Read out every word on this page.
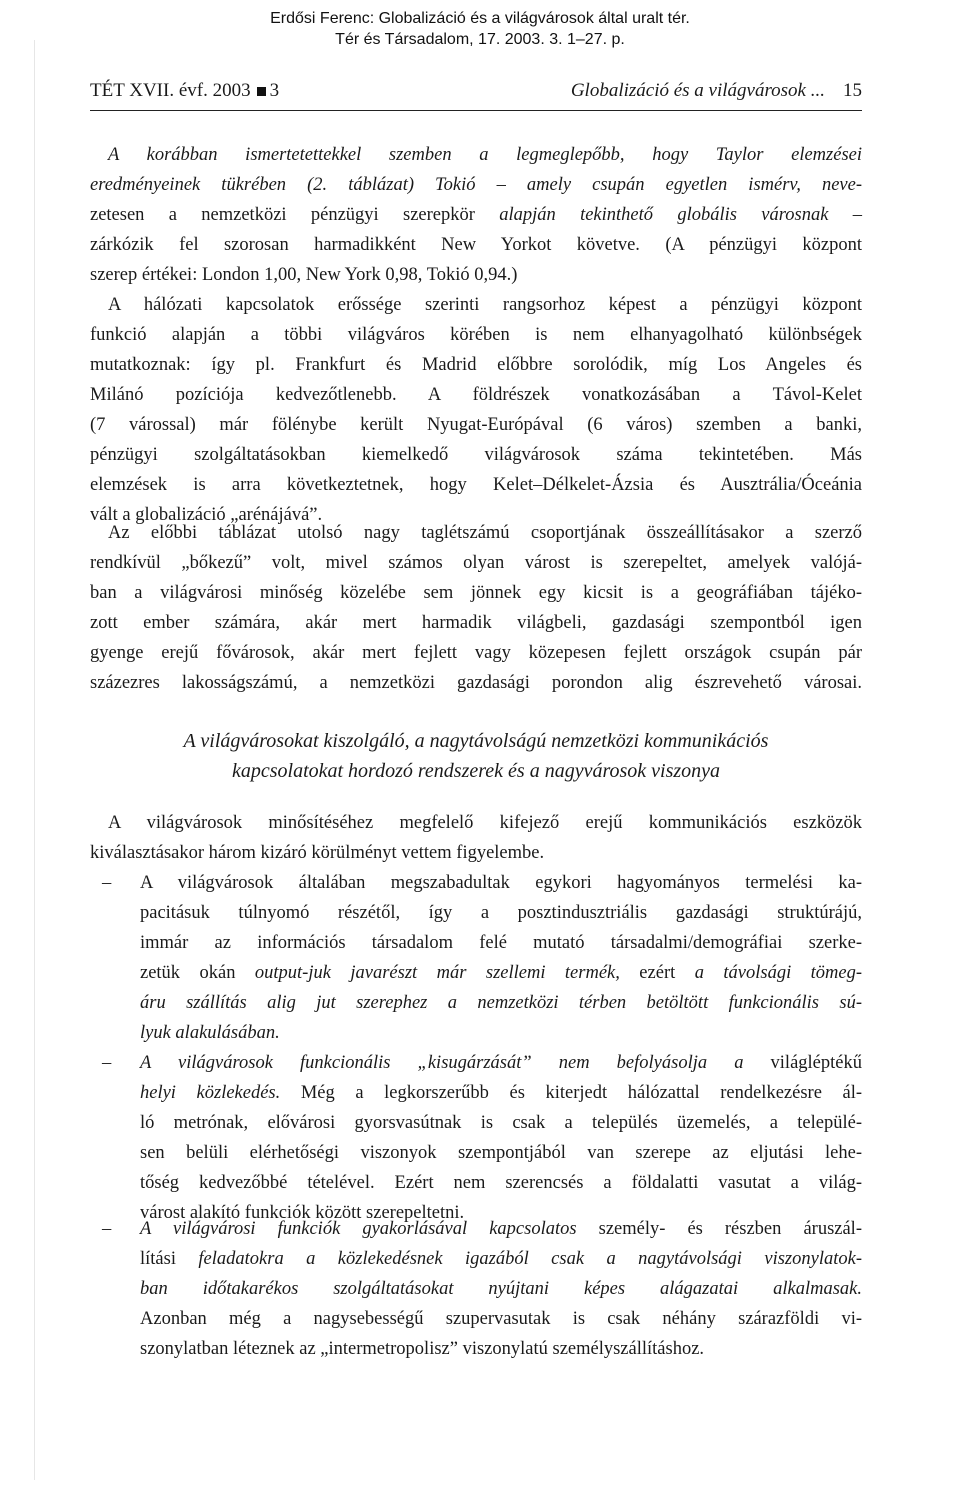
Erdősi Ferenc: Globalizáció és a világvárosok által uralt tér.
Tér és Társadalom, 17. 2003. 3. 1–27. p.
TÉT XVII. évf. 2003 3	Globalizáció és a világvárosok ... 15
A korábban ismertetettekkel szemben a legmeglepőbb, hogy Taylor elemzései
eredményeinek tükrében (2. táblázat) Tokió – amely csupán egyetlen ismérv, neve-
zetesen a nemzetközi pénzügyi szerepkör alapján tekinthető globális városnak –
zárkózik fel szorosan harmadikként New Yorkot követve. (A pénzügyi központ
szerep értékei: London 1,00, New York 0,98, Tokió 0,94.)
A hálózati kapcsolatok erőssége szerinti rangsorhoz képest a pénzügyi központ
funkció alapján a többi világváros körében is nem elhanyagolható különbségek
mutatkoznak: így pl. Frankfurt és Madrid előbbre sorolódik, míg Los Angeles és
Milánó pozíciója kedvezőtlenebb. A földrészek vonatkozásában a Távol-Kelet
(7 várossal) már fölénybe került Nyugat-Európával (6 város) szemben a banki,
pénzügyi szolgáltatásokban kiemelkedő világvárosok száma tekintetében. Más
elemzések is arra következtetnek, hogy Kelet–Délkelet-Ázsia és Ausztrália/Óceánia
vált a globalizáció „arénájává”.
Az előbbi táblázat utolsó nagy taglétszámú csoportjának összeállításakor a szerző
rendkívül „bőkezű” volt, mivel számos olyan várost is szerepeltet, amelyek valójá-
ban a világvárosi minőség közelébe sem jönnek egy kicsit is a geográfiában tájéko-
zott ember számára, akár mert harmadik világbeli, gazdasági szempontból igen
gyenge erejű fővárosok, akár mert fejlett vagy közepesen fejlett országok csupán pár
százezres lakosságszámú, a nemzetközi gazdasági porondon alig észrevehető városai.
A világvárosokat kiszolgáló, a nagytávolságú nemzetközi kommunikációs
kapcsolatokat hordozó rendszerek és a nagyvárosok viszonya
A világvárosok minősítéséhez megfelelő kifejező erejű kommunikációs eszközök
kiválasztásakor három kizáró körülményt vettem figyelembe.
–	A világvárosok általában megszabadultak egykori hagyományos termelési ka-
pacitásuk túlnyomó részétől, így a posztindusztriális gazdasági struktúrájú,
immár az információs társadalom felé mutató társadalmi/demográfiai szerke-
zetük okán output-juk javarészt már szellemi termék, ezért a távolsági tömeg-
áru szállítás alig jut szerephez a nemzetközi térben betöltött funkcionális sú-
lyuk alakulásában.
–	A világvárosok funkcionális „kisugárzását” nem befolyásolja a világléptékű
helyi közlekedés. Még a legkorszerűbb és kiterjedt hálózattal rendelkezésre ál-
ló metrónak, elővárosi gyorsvasútnak is csak a település üzemelés, a települé-
sen belüli elérhetőségi viszonyok szempontjából van szerepe az eljutási lehe-
tőség kedvezőbbé tételével. Ezért nem szerencsés a földalatti vasutat a világ-
várost alakító funkciók között szerepeltetni.
–	A világvárosi funkciók gyakorlásával kapcsolatos személy- és részben áruszál-
lítási feladatokra a közlekedésnek igazából csak a nagytávolsági viszonylatok-
ban időtakarékos szolgáltatásokat nyújtani képes alágazatai alkalmasak.
Azonban még a nagysebességű szupervasutak is csak néhány szárazföldi vi-
szonylatban léteznek az „intermetropolisz” viszonylatú személyszállításhoz.
